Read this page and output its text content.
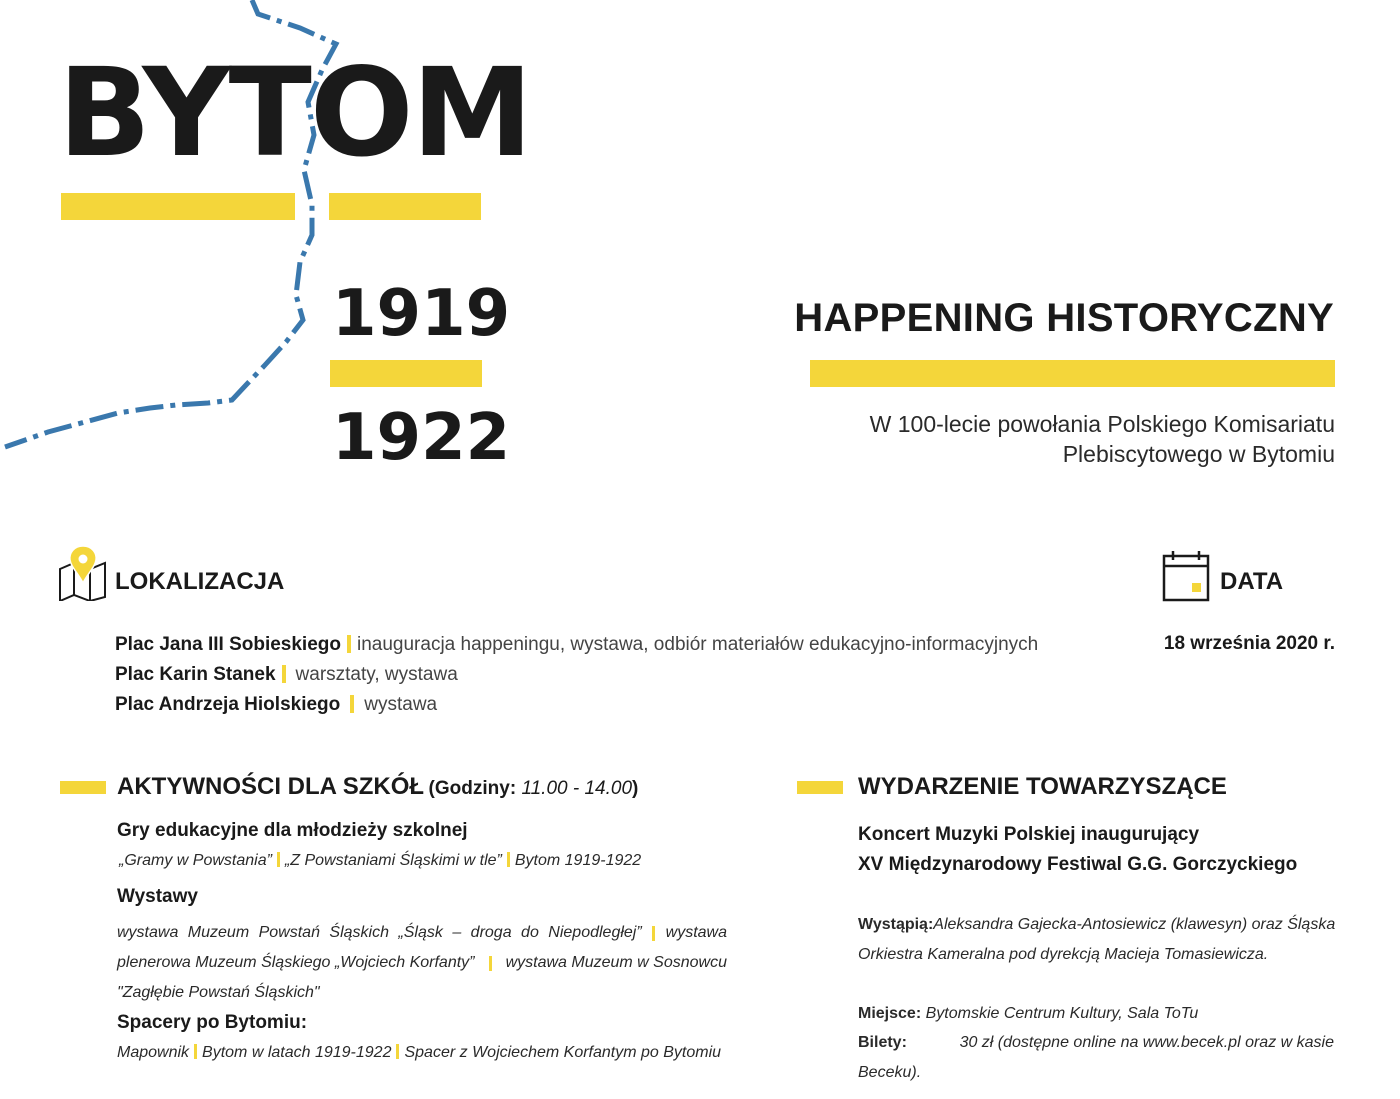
BYTOM
1919
1922
HAPPENING HISTORYCZNY
W 100-lecie powołania Polskiego Komisariatu
Plebiscytowego w Bytomiu
LOKALIZACJA	DATA
18 września 2020 r.
Plac Jana III Sobieskiego inauguracja happeningu, wystawa, odbiór materiałów edukacyjno-informacyjnych
Plac Karin Stanek warsztaty, wystawa
Plac Andrzeja Hiolskiego wystawa
AKTYWNOŚCI DLA SZKÓŁ (Godziny: 11.00 - 14.00)
Gry edukacyjne dla młodzieży szkolnej
„Gramy w Powstania” „Z Powstaniami Śląskimi w tle” Bytom 1919-1922
Wystawy
wystawa Muzeum Powstań Śląskich „Śląsk – droga do Niepodległej” wystawa
plenerowa Muzeum Śląskiego „Wojciech Korfanty” wystawa Muzeum w Sosnowcu
"Zagłębie Powstań Śląskich"
Spacery po Bytomiu:
Mapownik Bytom w latach 1919-1922 Spacer z Wojciechem Korfantym po Bytomiu
WYDARZENIE TOWARZYSZĄCE
Koncert Muzyki Polskiej inaugurujący
XV Międzynarodowy Festiwal G.G. Gorczyckiego
Wystąpią: Aleksandra Gajecka-Antosiewicz (klawesyn) oraz Śląska
Orkiestra Kameralna pod dyrekcją Macieja Tomasiewicza.
Miejsce: Bytomskie Centrum Kultury, Sala ToTu
Bilety:	30 zł (dostępne online na www.becek.pl oraz w kasie
Beceku).
